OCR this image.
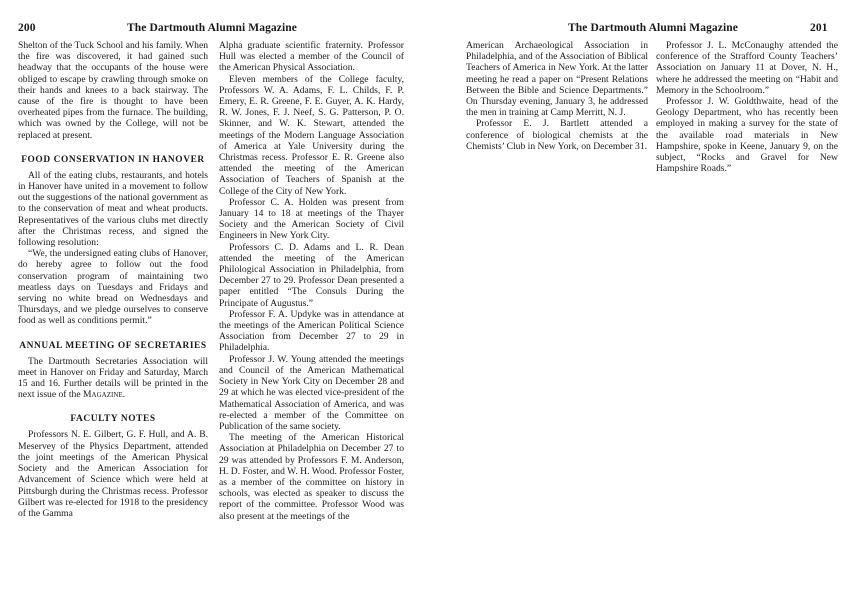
200	The Dartmouth Alumni Magazine

Shelton of the Tuck School and his family. When the fire was discovered, it had gained such headway that the occupants of the house were obliged to escape by crawling through smoke on their hands and knees to a back stairway. The cause of the fire is thought to have been overheated pipes from the furnace. The building, which was owned by the College, will not be replaced at present.

FOOD CONSERVATION IN HANOVER

All of the eating clubs, restaurants, and hotels in Hanover have united in a movement to follow out the suggestions of the national government as to the conservation of meat and wheat products. Representatives of the various clubs met directly after the Christmas recess, and signed the following resolution:

“We, the undersigned eating clubs of Hanover, do hereby agree to follow out the food conservation program of maintaining two meatless days on Tuesdays and Fridays and serving no white bread on Wednesdays and Thursdays, and we pledge ourselves to conserve food as well as conditions permit.”

ANNUAL MEETING OF SECRETARIES

The Dartmouth Secretaries Association will meet in Hanover on Friday and Saturday, March 15 and 16. Further details will be printed in the next issue of the Magazine.

FACULTY NOTES

Professors N. E. Gilbert, G. F. Hull, and A. B. Meservey of the Physics Department, attended the joint meetings of the American Physical Society and the American Association for Advancement of Science which were held at Pittsburgh during the Christmas recess. Professor Gilbert was re-elected for 1918 to the presidency of the Gamma

Alpha graduate scientific fraternity. Professor Hull was elected a member of the Council of the American Physical Association.

Eleven members of the College faculty, Professors W. A. Adams, F. L. Childs, F. P. Emery, E. R. Greene, F. E. Guyer, A. K. Hardy, R. W. Jones, F. J. Neef, S. G. Patterson, P. O. Skinner, and W. K. Stewart, attended the meetings of the Modern Language Association of America at Yale University during the Christmas recess. Professor E. R. Greene also attended the meeting of the American Association of Teachers of Spanish at the College of the City of New York.

Professor C. A. Holden was present from January 14 to 18 at meetings of the Thayer Society and the American Society of Civil Engineers in New York City.

Professors C. D. Adams and L. R. Dean attended the meeting of the American Philological Association in Philadelphia, from December 27 to 29. Professor Dean presented a paper entitled “The Consuls During the Principate of Augustus.”

Professor F. A. Updyke was in attendance at the meetings of the American Political Science Association from December 27 to 29 in Philadelphia.

Professor J. W. Young attended the meetings and Council of the American Mathematical Society in New York City on December 28 and 29 at which he was elected vice-president of the Mathematical Association of America, and was re-elected a member of the Committee on Publication of the same society.

The meeting of the American Historical Association at Philadelphia on December 27 to 29 was attended by Professors F. M. Anderson, H. D. Foster, and W. H. Wood. Professor Foster, as a member of the committee on history in schools, was elected as speaker to discuss the report of the committee. Professor Wood was also present at the meetings of the

The Dartmouth Alumni Magazine	201

American Archaeological Association in Philadelphia, and of the Association of Biblical Teachers of America in New York. At the latter meeting he read a paper on “Present Relations Between the Bible and Science Departments.” On Thursday evening, January 3, he addressed the men in training at Camp Merritt, N. J.

Professor E. J. Bartlett attended a conference of biological chemists at the Chemists’ Club in New York, on December 31.

Professor J. L. McConaughy attended the conference of the Strafford County Teachers’ Association on January 11 at Dover, N. H., where he addressed the meeting on “Habit and Memory in the Schoolroom.”

Professor J. W. Goldthwaite, head of the Geology Department, who has recently been employed in making a survey for the state of the available road materials in New Hampshire, spoke in Keene, January 9, on the subject, “Rocks and Gravel for New Hampshire Roads.”
